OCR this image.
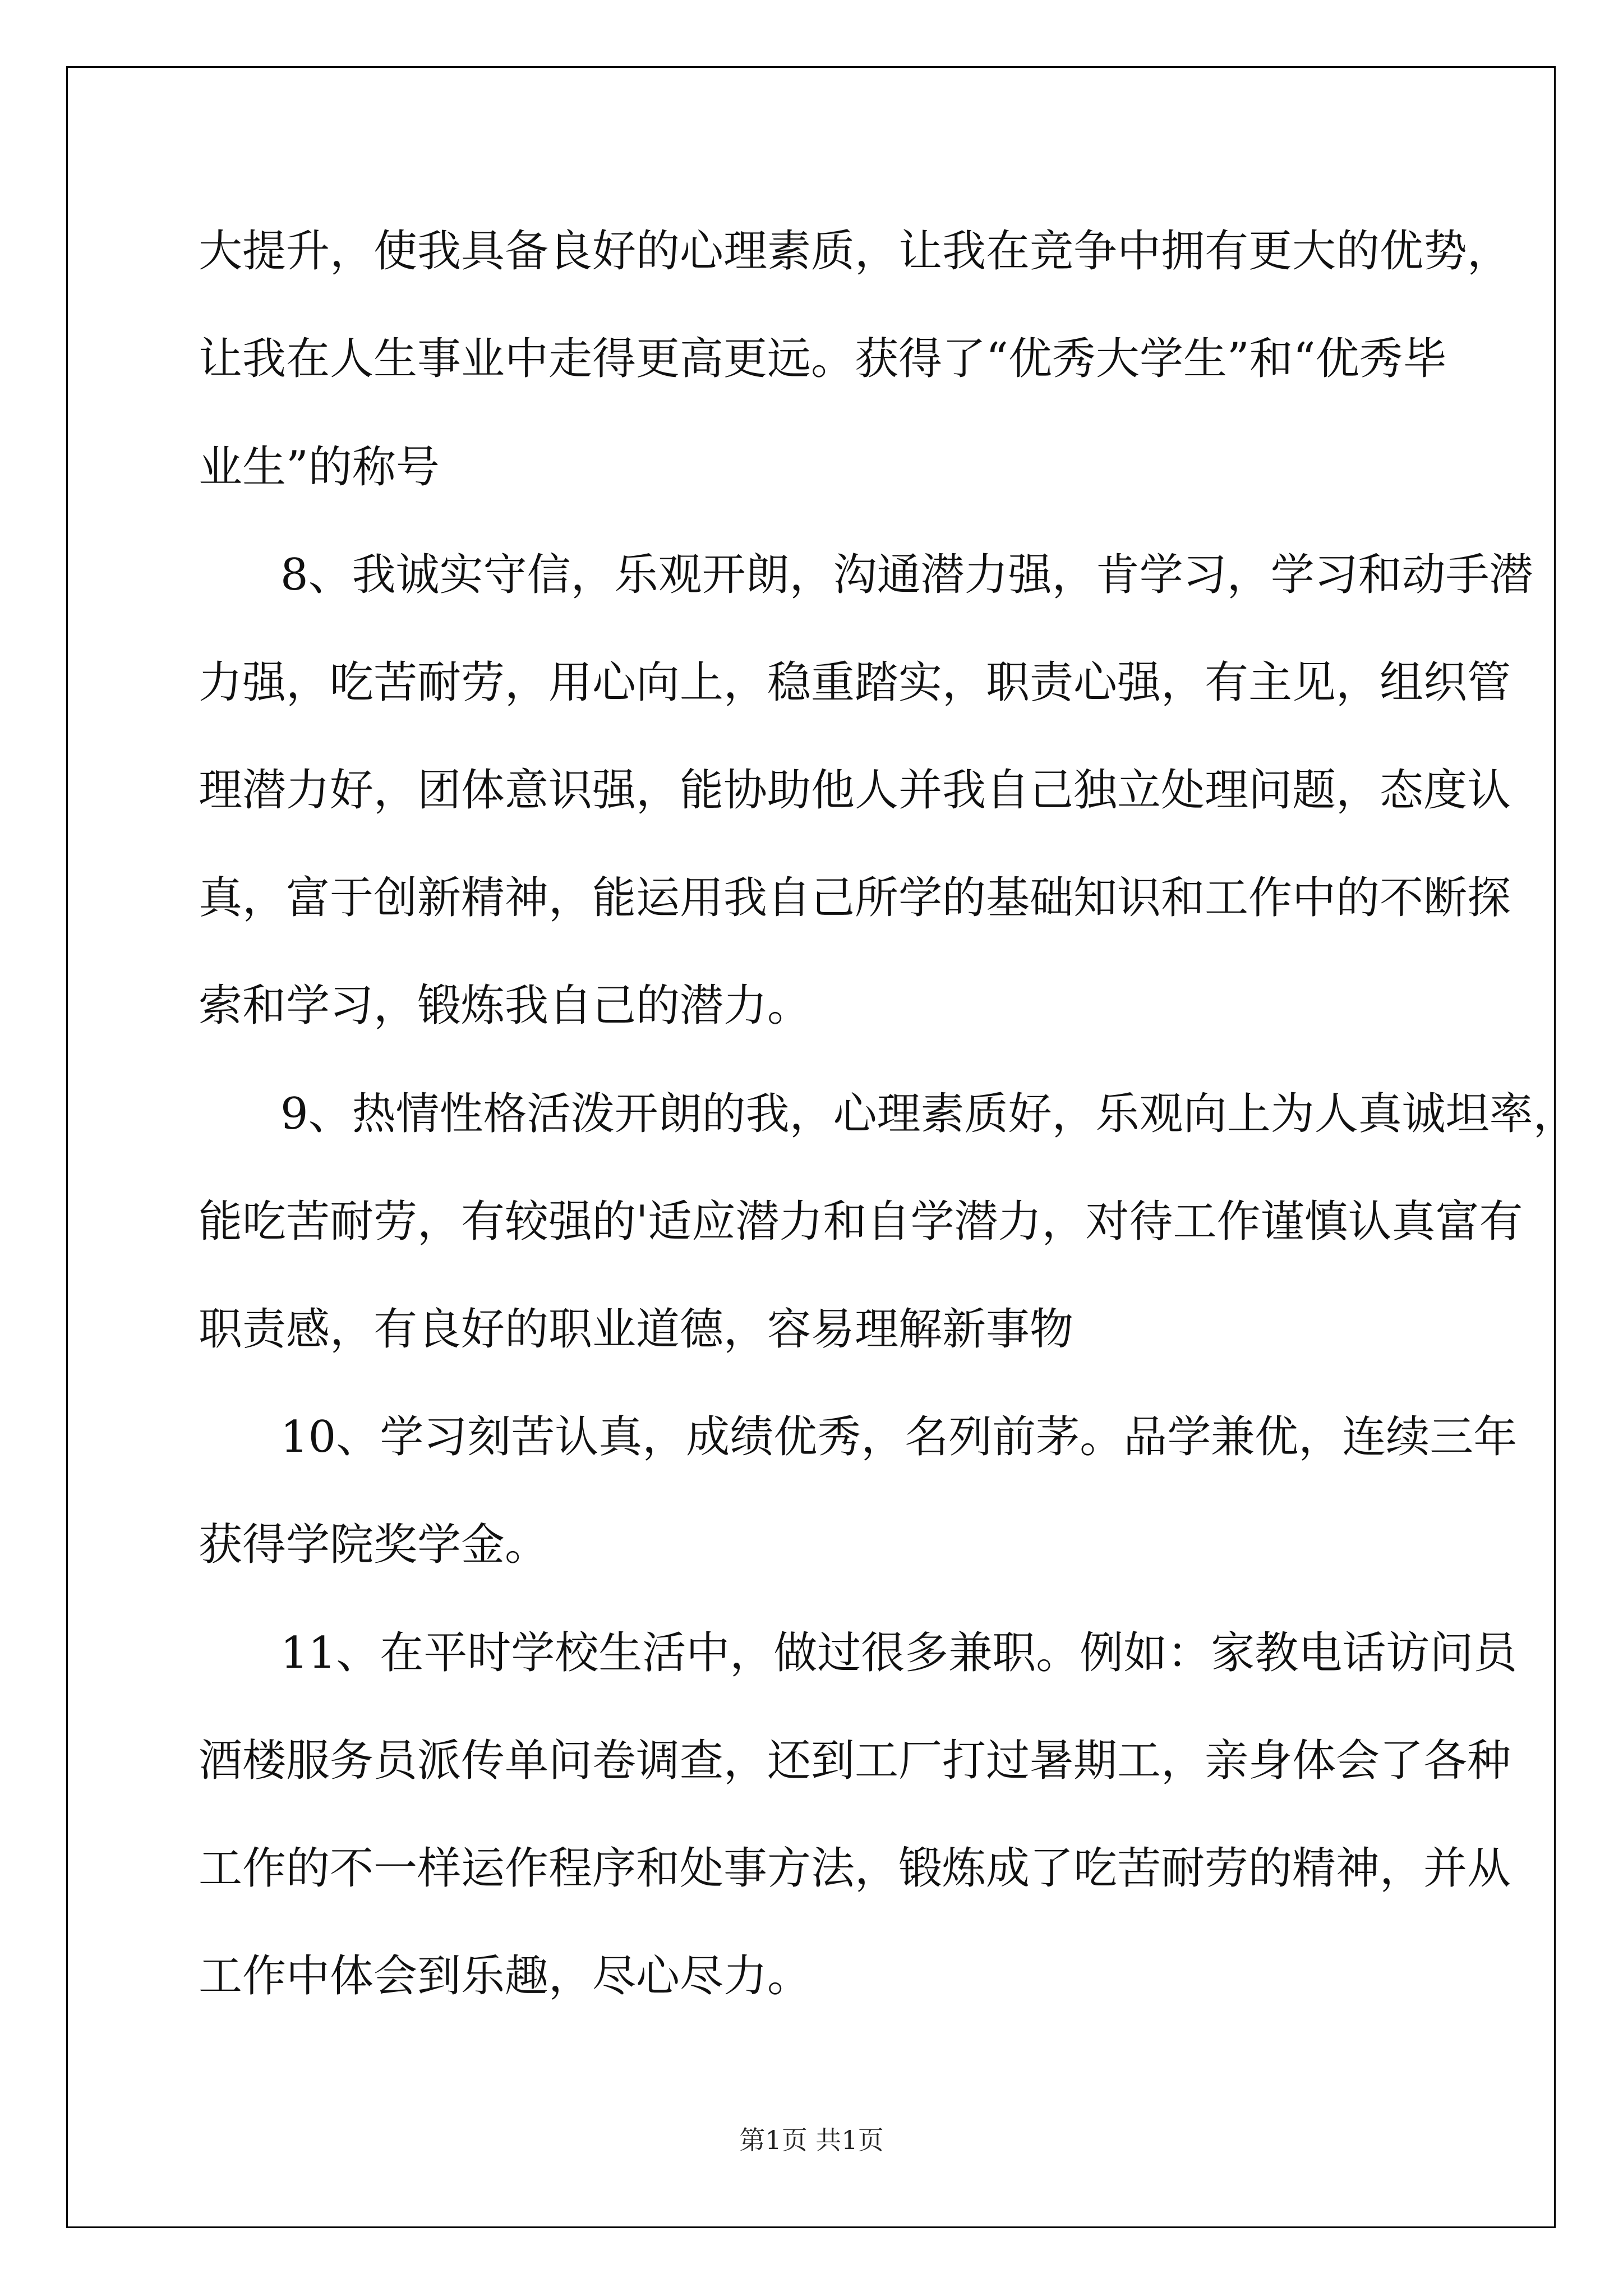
大提升，使我具备良好的心理素质，让我在竞争中拥有更大的优势，
让我在人生事业中走得更高更远。获得了“优秀大学生”和“优秀毕
业生”的称号
8、我诚实守信，乐观开朗，沟通潜力强，肯学习，学习和动手潜
力强，吃苦耐劳，用心向上，稳重踏实，职责心强，有主见，组织管
理潜力好，团体意识强，能协助他人并我自己独立处理问题，态度认
真，富于创新精神，能运用我自己所学的基础知识和工作中的不断探
索和学习，锻炼我自己的潜力。
9、热情性格活泼开朗的我，心理素质好，乐观向上为人真诚坦率，
能吃苦耐劳，有较强的'适应潜力和自学潜力，对待工作谨慎认真富有
职责感，有良好的职业道德，容易理解新事物
10、学习刻苦认真，成绩优秀，名列前茅。品学兼优，连续三年
获得学院奖学金。
11、在平时学校生活中，做过很多兼职。例如：家教电话访问员
酒楼服务员派传单问卷调查，还到工厂打过暑期工，亲身体会了各种
工作的不一样运作程序和处事方法，锻炼成了吃苦耐劳的精神，并从
工作中体会到乐趣，尽心尽力。
第1页 共1页
